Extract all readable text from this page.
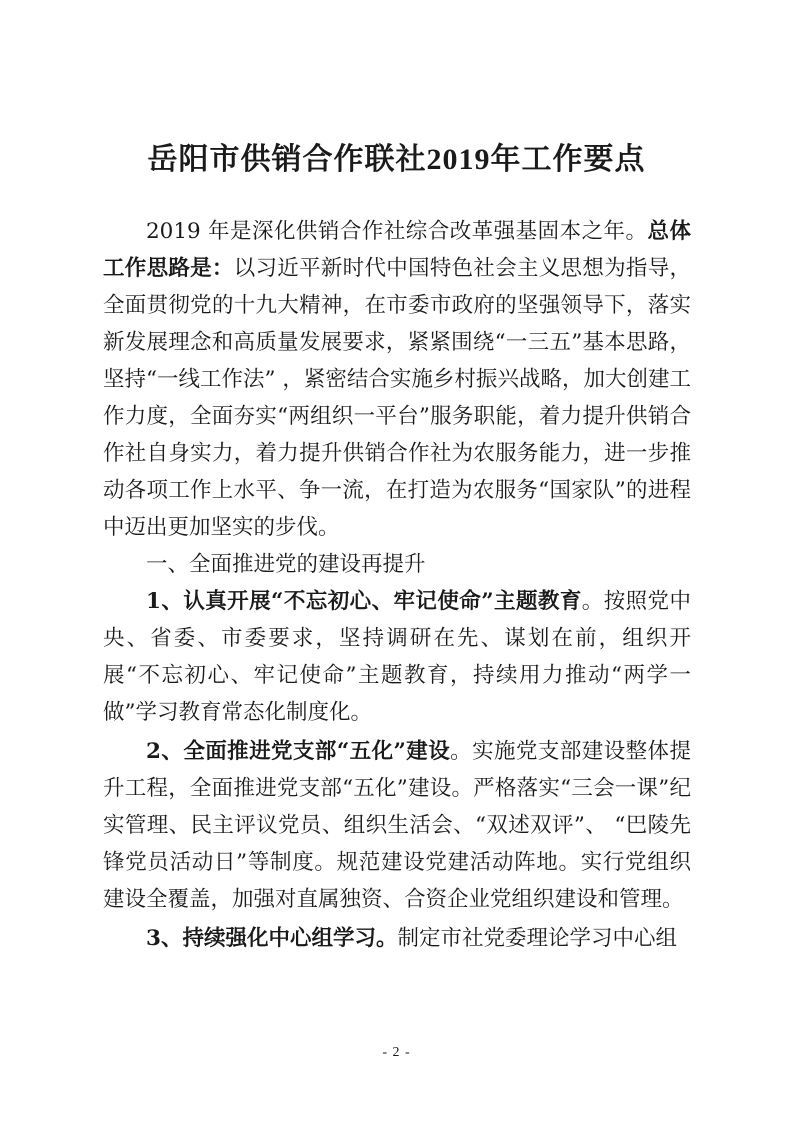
岳阳市供销合作联社2019年工作要点

2019 年是深化供销合作社综合改革强基固本之年。总体工作思路是：以习近平新时代中国特色社会主义思想为指导，全面贯彻党的十九大精神，在市委市政府的坚强领导下，落实新发展理念和高质量发展要求，紧紧围绕“一三五”基本思路，坚持“一线工作法” ，紧密结合实施乡村振兴战略，加大创建工作力度，全面夯实“两组织一平台”服务职能，着力提升供销合作社自身实力，着力提升供销合作社为农服务能力，进一步推动各项工作上水平、争一流，在打造为农服务“国家队”的进程中迈出更加坚实的步伐。

一、全面推进党的建设再提升

1、认真开展“不忘初心、牢记使命”主题教育。按照党中央、省委、市委要求，坚持调研在先、谋划在前，组织开展“不忘初心、牢记使命”主题教育，持续用力推动“两学一做”学习教育常态化制度化。

2、全面推进党支部“五化”建设。实施党支部建设整体提升工程，全面推进党支部“五化”建设。严格落实“三会一课”纪实管理、民主评议党员、组织生活会、“双述双评”、 “巴陵先锋党员活动日”等制度。规范建设党建活动阵地。实行党组织建设全覆盖，加强对直属独资、合资企业党组织建设和管理。

3、持续强化中心组学习。制定市社党委理论学习中心组

- 2 -
